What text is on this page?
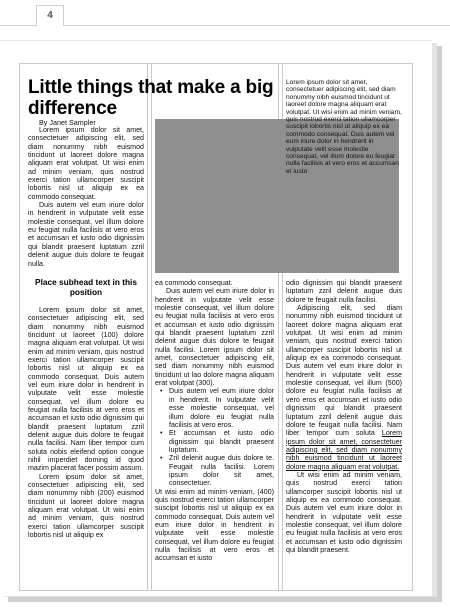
4
Little things that make a big difference
By Janet Sampler

Lorem ipsum dolor sit amet, consectetuer adipiscing elit, sed diam nonummy nibh euismod tincidunt ut laoreet dolore magna aliquam erat volutpat. Ut wisi enim ad minim veniam, quis nostrud exerci tation ullamcorper suscipit lobortis nisl ut aliquip ex ea commodo consequat.

Duis autem vel eum iriure dolor in hendrerit in vulputate velit esse molestie consequat, vel illum dolore eu feugiat nulla facilisis at vero eros et accumsan et iusto odio dignissim qui blandit praesent luptatum zzril delenit augue duis dolore te feugait nulla.

Place subhead text in this position

Lorem ipsum dolor sit amet, consectetuer adipiscing elit, sed diam nonummy nibh euismod tincidunt ut laoreet (100) dolore magna aliquam erat volutpat. Ut wisi enim ad minim veniam, quis nostrud exerci tation ullamcorper suscipit lobortis nisl ut aliquip ex ea commodo consequat. Duis autem vel eum iriure dolor in hendrerit in vulputate velit esse molestie consequat, vel illum dolore eu feugiat nulla facilisis at vero eros et accumsan et iusto odio dignissim qui blandit praesent luptatum zzril delenit augue duis dolore te feugait nulla facilisi. Nam liber tempor cum soluta nobis eleifend option congue nihil imperdiet doming id quod mazim placerat facer possim assum.

Lorem ipsum dolor sit amet, consectetuer adipiscing elit, sed diam nonummy nibh (200) euismod tincidunt ut laoreet dolore magna aliquam erat volutpat. Ut wisi enim ad minim veniam, quis nostrud exerci tation ullamcorper suscipit lobortis nisl ut aliquip ex

ea commodo consequat.

Duis autem vel eum iriure dolor in hendrerit in vulputate velit esse molestie consequat, vel illum dolore eu feugiat nulla facilisis at vero eros et accumsan et iusto odio dignissim qui blandit praesent luptatum zzril delenit augue duis dolore te feugait nulla facilisi. Lorem ipsum dolor sit amet, consectetuer adipiscing elit, sed diam nonummy nibh euismod tincidunt ut lao dolore magna aliquam erat volutpat (300).

• Duis autem vel eum iriure dolor in hendrerit. In vulputate velit esse molestie consequat, vel illum dolore eu feugiat nulla facilisis at vero eros.
• Et accumsan et iusto odio dignissim qui blandit praesent luptatum.
• Zril delenit augue duis dolore te. Feugait nulla facilisi. Lorem ipsum dolor sit amet, consectetuer.

Ut wisi enim ad minim veniam, (400) quis nostrud exerci tation ullamcorper suscipit lobortis nisl ut aliquip ex ea commodo consequat. Duis autem vel eum iriure dolor in hendrerit in vulputate velit esse molestie consequat, vel illum dolore eu feugiat nulla facilisis at vero eros et accumsan et iusto

Lorem ipsum dolor sit amet, consectetuer adipiscing elit, sed diam nonummy nibh euismod tincidunt ut laoreet dolore magna aliquam erat volutpat. Ut wisi enim ad minim veniam, quis nostrud exerci tation ullamcorper suscipit lobortis nisl ut aliquip ex ea commodo consequat. Duis autem vel eum iriure dolor in hendrerit in vulputate velit esse molestie consequat, vel illum dolore eu feugiat nulla facilisis at vero eros et accumsan et iusto

odio dignissim qui blandit praesent luptatum zzril delenit augue duis dolore te feugait nulla facilisi.

Adipiscing elit, sed diam nonummy nibh euismod tincidunt ut laoreet dolore magna aliquam erat volutpat. Ut wisi enim ad minim veniam, quis nostrud exerci tation ullamcorper suscipit lobortis nisl ut aliquip ex ea commodo consequat. Duis autem vel eum iriure dolor in hendrerit in vulputate velit esse molestie consequat, vel illum (500) dolore eu feugiat nulla facilisis at vero eros et accumsan et iusto odio dignissim qui blandit praesent luptatum zzril delenit augue duis dolore te feugait nulla facilisi. Nam liber tempor cum soluta Lorem ipsum dolor sit amet, consectetuer adipiscing elit, sed diam nonummy nibh euismod tincidunt ut laoreet dolore magna aliquam erat volutpat.

Ut wisi enim ad minim veniam, quis nostrud exerci tation ullamcorper suscipit lobortis nisl ut aliquip ex ea commodo consequat. Duis autem vel eum iriure dolor in hendrerit in vulputate velit esse molestie consequat, vel illum dolore eu feugiat nulla facilisis at vero eros et accumsan et iusto odio dignissim qui blandit praesent.
